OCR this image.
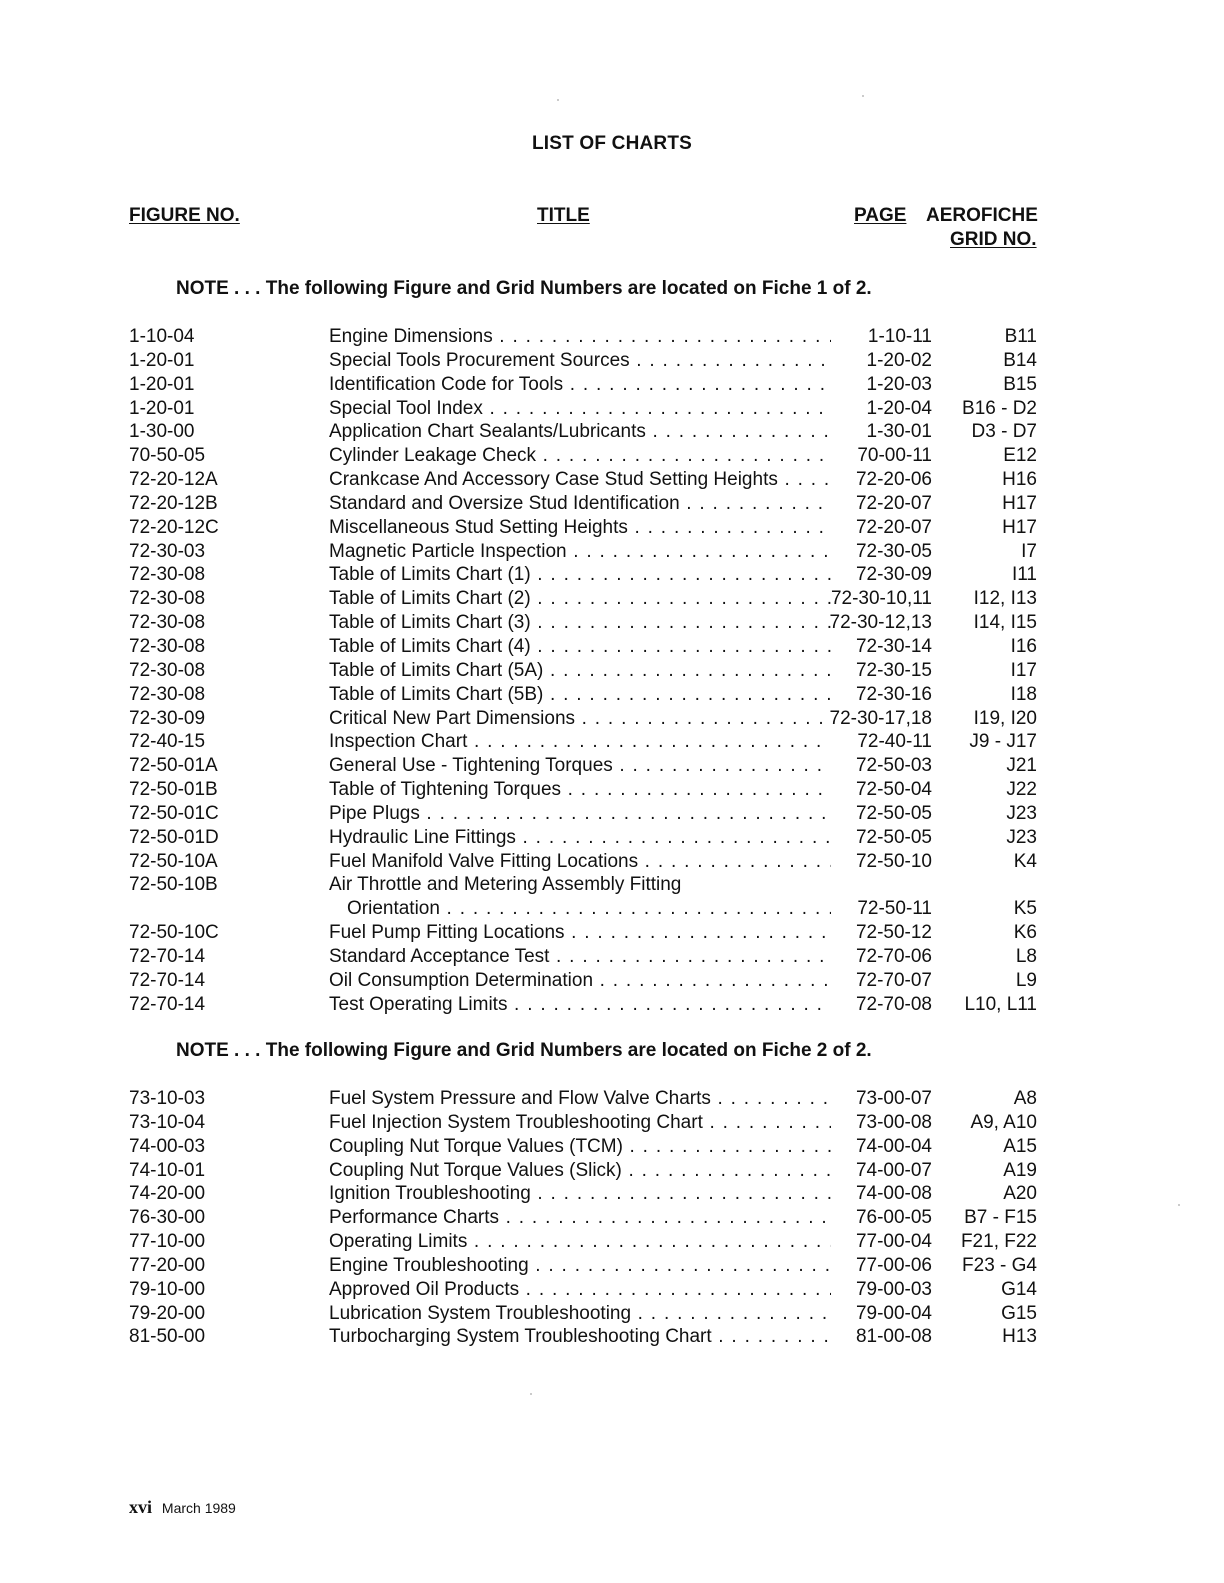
LIST OF CHARTS
FIGURE NO.	TITLE	PAGE AEROFICHE
GRID NO.
NOTE . . . The following Figure and Grid Numbers are located on Fiche 1 of 2.
1-10-04	Engine Dimensions . . .	1-10-11	B11
1-20-01	Special Tools Procurement Sources . . .	1-20-02	B14
1-20-01	Identification Code for Tools . . .	1-20-03	B15
1-20-01	Special Tool Index . . .	1-20-04 B16 - D2
1-30-00	Application Chart Sealants/Lubricants . . .	1-30-01 D3 - D7
70-50-05	Cylinder Leakage Check . . .	70-00-11	E12
72-20-12A	Crankcase And Accessory Case Stud Setting Heights . . .	72-20-06	H16
72-20-12B	Standard and Oversize Stud Identification . . .	72-20-07	H17
72-20-12C	Miscellaneous Stud Setting Heights . . .	72-20-07	H17
72-30-03	Magnetic Particle Inspection . . .	72-30-05	I7
72-30-08	Table of Limits Chart (1) . . .	72-30-09	I11
72-30-08	Table of Limits Chart (2) . . .	72-30-10,11 I12, I13
72-30-08	Table of Limits Chart (3) . . .	72-30-12,13 I14, I15
72-30-08	Table of Limits Chart (4) . . .	72-30-14	I16
72-30-08	Table of Limits Chart (5A) . . .	72-30-15	I17
72-30-08	Table of Limits Chart (5B) . . .	72-30-16	I18
72-30-09	Critical New Part Dimensions . . .	72-30-17,18 I19, I20
72-40-15	Inspection Chart . . .	72-40-11 J9 - J17
72-50-01A	General Use - Tightening Torques . . .	72-50-03	J21
72-50-01B	Table of Tightening Torques . . .	72-50-04	J22
72-50-01C	Pipe Plugs . . .	72-50-05	J23
72-50-01D	Hydraulic Line Fittings . . .	72-50-05	J23
72-50-10A	Fuel Manifold Valve Fitting Locations . . .	72-50-10	K4
72-50-10B	Air Throttle and Metering Assembly Fitting
Orientation . . .	72-50-11	K5
72-50-10C	Fuel Pump Fitting Locations . . .	72-50-12	K6
72-70-14	Standard Acceptance Test . . .	72-70-06	L8
72-70-14	Oil Consumption Determination . . .	72-70-07	L9
72-70-14	Test Operating Limits . . .	72-70-08 L10, L11
NOTE . . . The following Figure and Grid Numbers are located on Fiche 2 of 2.
73-10-03	Fuel System Pressure and Flow Valve Charts . . .	73-00-07	A8
73-10-04	Fuel Injection System Troubleshooting Chart . . .	73-00-08 A9, A10
74-00-03	Coupling Nut Torque Values (TCM) . . .	74-00-04	A15
74-10-01	Coupling Nut Torque Values (Slick) . . .	74-00-07	A19
74-20-00	Ignition Troubleshooting . . .	74-00-08	A20
76-30-00	Performance Charts . . .	76-00-05 B7 - F15
77-10-00	Operating Limits . . .	77-00-04 F21, F22
77-20-00	Engine Troubleshooting . . .	77-00-06 F23 - G4
79-10-00	Approved Oil Products . . .	79-00-03	G14
79-20-00	Lubrication System Troubleshooting . . .	79-00-04	G15
81-50-00	Turbocharging System Troubleshooting Chart . . .	81-00-08	H13
xvi March 1989
